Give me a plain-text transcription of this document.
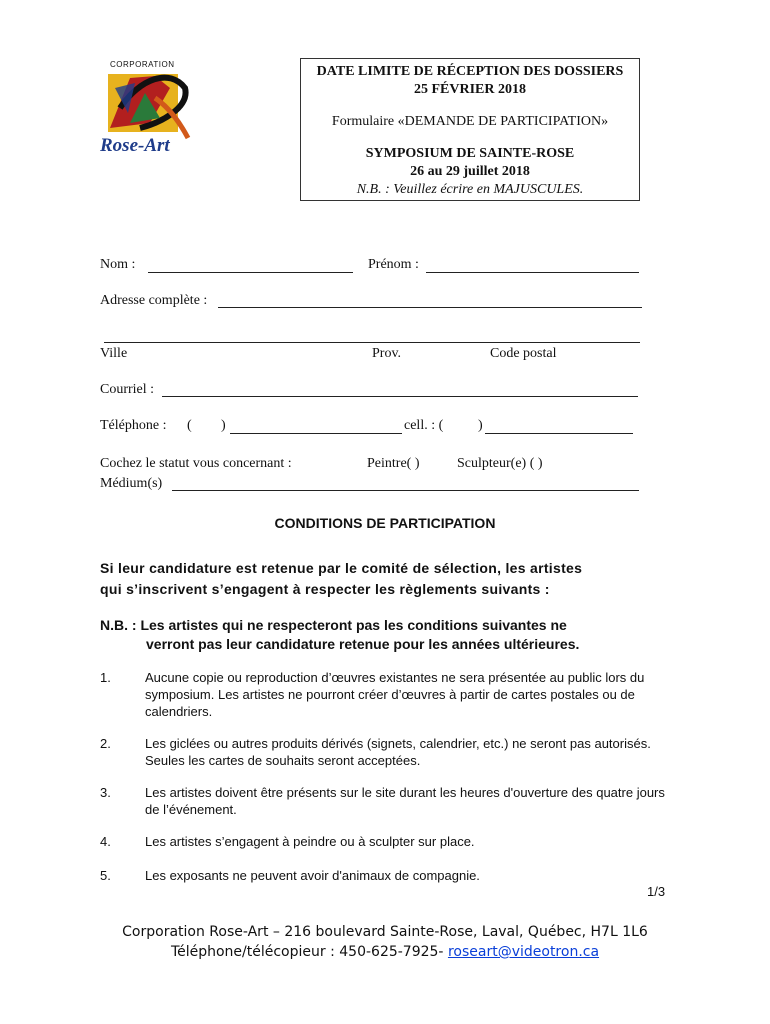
CORPORATION
Rose-Art
DATE LIMITE DE RÉCEPTION DES DOSSIERS
25 FÉVRIER 2018
Formulaire «DEMANDE DE PARTICIPATION»
SYMPOSIUM DE SAINTE-ROSE
26 au 29 juillet 2018
N.B. : Veuillez écrire en MAJUSCULES.
Nom :	Prénom :
Adresse complète :
Ville	Prov.	Code postal
Courriel :
Téléphone : ( )	cell. : ( )
Cochez le statut vous concernant :	Peintre( )	Sculpteur(e) ( )
Médium(s)
CONDITIONS DE PARTICIPATION
Si leur candidature est retenue par le comité de sélection, les artistes
qui s’inscrivent s’engagent à respecter les règlements suivants :
N.B. : Les artistes qui ne respecteront pas les conditions suivantes ne
verront pas leur candidature retenue pour les années ultérieures.
1.	Aucune copie ou reproduction d’œuvres existantes ne sera présentée au public lors du symposium. Les artistes ne pourront créer d’œuvres à partir de cartes postales ou de calendriers.
2.	Les giclées ou autres produits dérivés (signets, calendrier, etc.) ne seront pas autorisés. Seules les cartes de souhaits seront acceptées.
3.	Les artistes doivent être présents sur le site durant les heures d'ouverture des quatre jours de l’événement.
4.	Les artistes s’engagent à peindre ou à sculpter sur place.
5.	Les exposants ne peuvent avoir d'animaux de compagnie.
1/3
Corporation Rose-Art – 216 boulevard Sainte-Rose, Laval, Québec, H7L 1L6
Téléphone/télécopieur : 450-625-7925- roseart@videotron.ca
